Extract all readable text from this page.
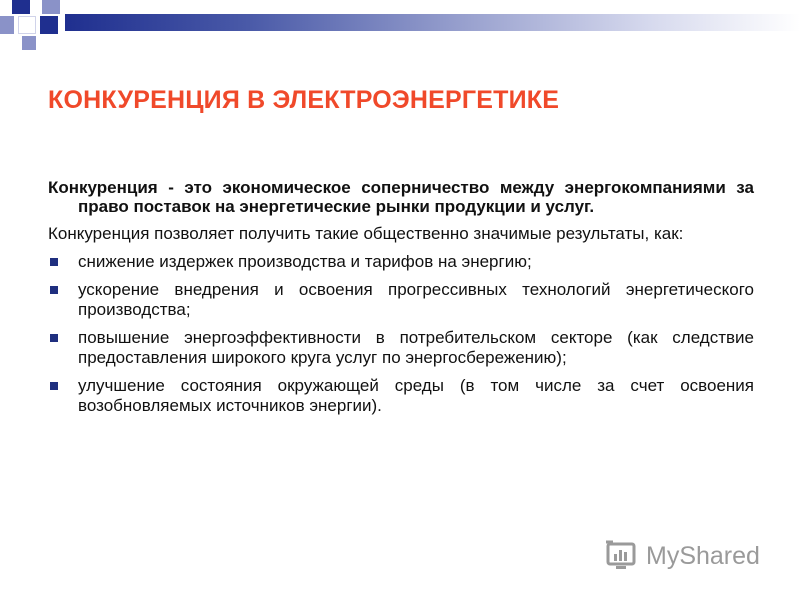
КОНКУРЕНЦИЯ В ЭЛЕКТРОЭНЕРГЕТИКЕ

Конкуренция - это экономическое соперничество между энергокомпаниями за право поставок на энергетические рынки продукции и услуг.

Конкуренция позволяет получить такие общественно значимые результаты, как:

снижение издержек производства и тарифов на энергию;
ускорение внедрения и освоения прогрессивных технологий энергетического производства;
повышение энергоэффективности в потребительском секторе (как следствие предоставления широкого круга услуг по энергосбережению);
улучшение состояния окружающей среды (в том числе за счет освоения возобновляемых источников энергии).
MyShared
